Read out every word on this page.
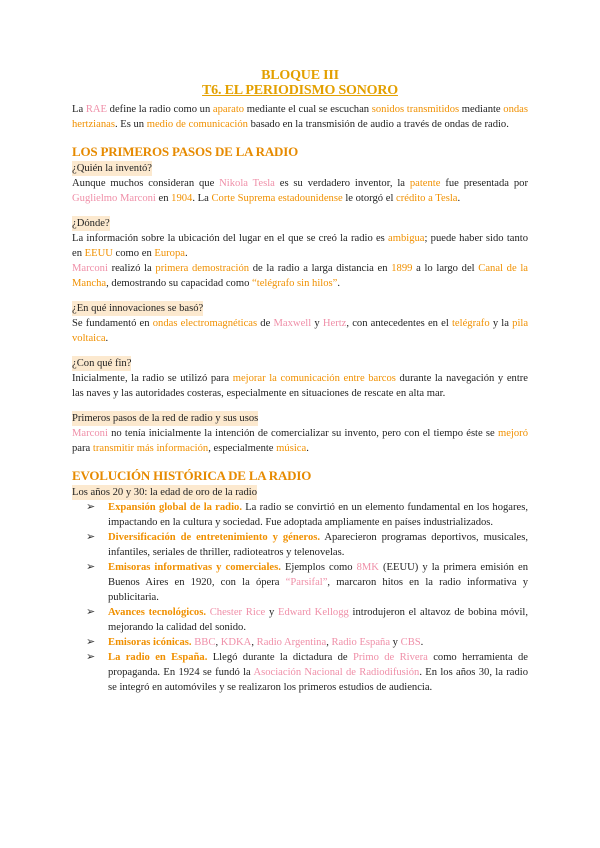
BLOQUE III
T6. EL PERIODISMO SONORO

La RAE define la radio como un aparato mediante el cual se escuchan sonidos transmitidos mediante ondas hertzianas. Es un medio de comunicación basado en la transmisión de audio a través de ondas de radio.

LOS PRIMEROS PASOS DE LA RADIO
¿Quién la inventó?

Aunque muchos consideran que Nikola Tesla es su verdadero inventor, la patente fue presentada por Guglielmo Marconi en 1904. La Corte Suprema estadounidense le otorgó el crédito a Tesla.

¿Dónde?

La información sobre la ubicación del lugar en el que se creó la radio es ambigua; puede haber sido tanto en EEUU como en Europa.

Marconi realizó la primera demostración de la radio a larga distancia en 1899 a lo largo del Canal de la Mancha, demostrando su capacidad como “telégrafo sin hilos”.

¿En qué innovaciones se basó?

Se fundamentó en ondas electromagnéticas de Maxwell y Hertz, con antecedentes en el telégrafo y la pila voltaica.

¿Con qué fin?

Inicialmente, la radio se utilizó para mejorar la comunicación entre barcos durante la navegación y entre las naves y las autoridades costeras, especialmente en situaciones de rescate en alta mar.

Primeros pasos de la red de radio y sus usos

Marconi no tenía inicialmente la intención de comercializar su invento, pero con el tiempo éste se mejoró para transmitir más información, especialmente música.

EVOLUCIÓN HISTÓRICA DE LA RADIO
Los años 20 y 30: la edad de oro de la radio
➢ Expansión global de la radio. La radio se convirtió en un elemento fundamental en los hogares, impactando en la cultura y sociedad. Fue adoptada ampliamente en países industrializados.
➢ Diversificación de entretenimiento y géneros. Aparecieron programas deportivos, musicales, infantiles, seriales de thriller, radioteatros y telenovelas.
➢ Emisoras informativas y comerciales. Ejemplos como 8MK (EEUU) y la primera emisión en Buenos Aires en 1920, con la ópera “Parsifal”, marcaron hitos en la radio informativa y publicitaria.
➢ Avances tecnológicos. Chester Rice y Edward Kellogg introdujeron el altavoz de bobina móvil, mejorando la calidad del sonido.
➢ Emisoras icónicas. BBC, KDKA, Radio Argentina, Radio España y CBS.
➢ La radio en España. Llegó durante la dictadura de Primo de Rivera como herramienta de propaganda. En 1924 se fundó la Asociación Nacional de Radiodifusión. En los años 30, la radio se integró en automóviles y se realizaron los primeros estudios de audiencia.
